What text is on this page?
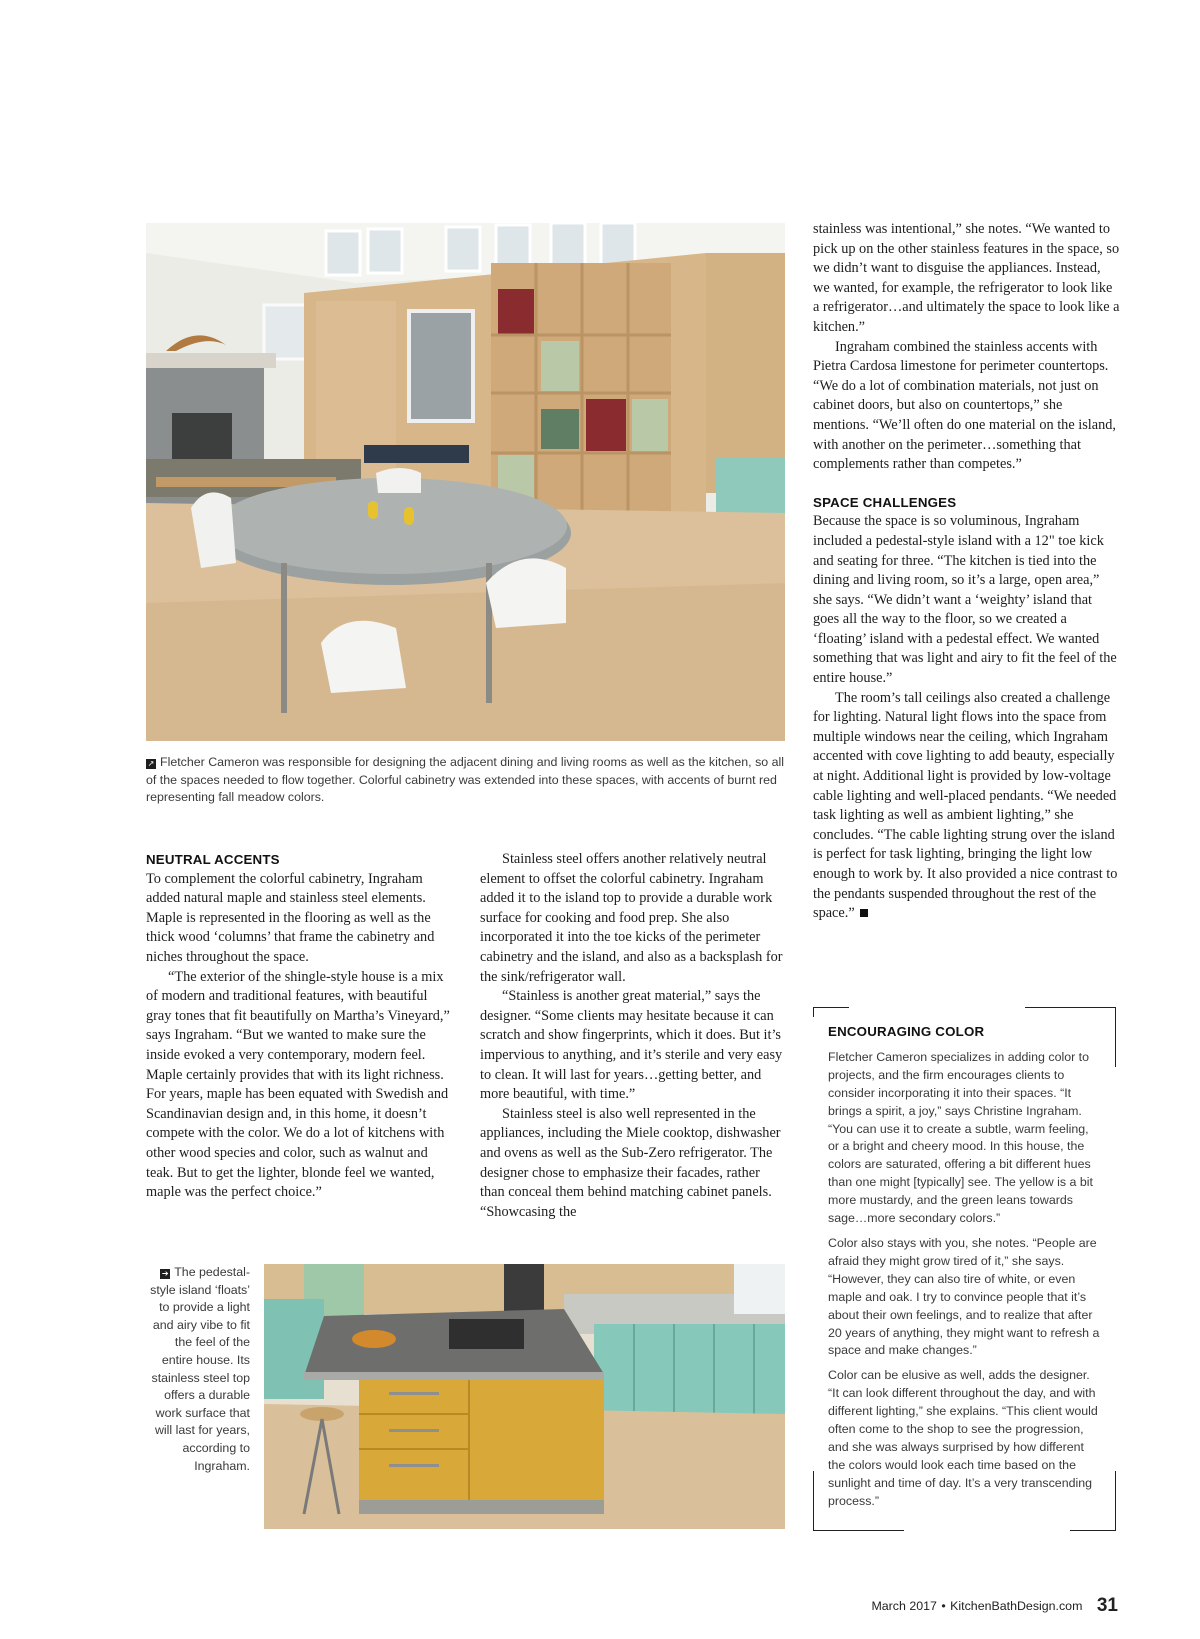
↗ Fletcher Cameron was responsible for designing the adjacent dining and living rooms as well as the kitchen, so all of the spaces needed to flow together. Colorful cabinetry was extended into these spaces, with accents of burnt red representing fall meadow colors.
NEUTRAL ACCENTS

To complement the colorful cabinetry, Ingraham added natural maple and stainless steel elements. Maple is represented in the flooring as well as the thick wood ‘columns’ that frame the cabinetry and niches throughout the space.

“The exterior of the shingle-style house is a mix of modern and traditional features, with beautiful gray tones that fit beautifully on Martha’s Vineyard,” says Ingraham. “But we wanted to make sure the inside evoked a very contemporary, modern feel. Maple certainly provides that with its light richness. For years, maple has been equated with Swedish and Scandinavian design and, in this home, it doesn’t compete with the color. We do a lot of kitchens with other wood species and color, such as walnut and teak. But to get the lighter, blonde feel we wanted, maple was the perfect choice.”

Stainless steel offers another relatively neutral element to offset the colorful cabinetry. Ingraham added it to the island top to provide a durable work surface for cooking and food prep. She also incorporated it into the toe kicks of the perimeter cabinetry and the island, and also as a backsplash for the sink/refrigerator wall.

“Stainless is another great material,” says the designer. “Some clients may hesitate because it can scratch and show fingerprints, which it does. But it’s impervious to anything, and it’s sterile and very easy to clean. It will last for years…getting better, and more beautiful, with time.”

Stainless steel is also well represented in the appliances, including the Miele cooktop, dishwasher and ovens as well as the Sub-Zero refrigerator. The designer chose to emphasize their facades, rather than conceal them behind matching cabinet panels. “Showcasing the

stainless was intentional,” she notes. “We wanted to pick up on the other stainless features in the space, so we didn’t want to disguise the appliances. Instead, we wanted, for example, the refrigerator to look like a refrigerator…and ultimately the space to look like a kitchen.”

Ingraham combined the stainless accents with Pietra Cardosa limestone for perimeter countertops. “We do a lot of combination materials, not just on cabinet doors, but also on countertops,” she mentions. “We’ll often do one material on the island, with another on the perimeter…something that complements rather than competes.”

SPACE CHALLENGES

Because the space is so voluminous, Ingraham included a pedestal-style island with a 12" toe kick and seating for three. “The kitchen is tied into the dining and living room, so it’s a large, open area,” she says. “We didn’t want a ‘weighty’ island that goes all the way to the floor, so we created a ‘floating’ island with a pedestal effect. We wanted something that was light and airy to fit the feel of the entire house.”

The room’s tall ceilings also created a challenge for lighting. Natural light flows into the space from multiple windows near the ceiling, which Ingraham accented with cove lighting to add beauty, especially at night. Additional light is provided by low-voltage cable lighting and well-placed pendants. “We needed task lighting as well as ambient lighting,” she concludes. “The cable lighting strung over the island is perfect for task lighting, bringing the light low enough to work by. It also provided a nice contrast to the pendants suspended throughout the rest of the space.”

ENCOURAGING COLOR

Fletcher Cameron specializes in adding color to projects, and the firm encourages clients to consider incorporating it into their spaces. “It brings a spirit, a joy,” says Christine Ingraham. “You can use it to create a subtle, warm feeling, or a bright and cheery mood. In this house, the colors are saturated, offering a bit different hues than one might [typically] see. The yellow is a bit more mustardy, and the green leans towards sage…more secondary colors.”

Color also stays with you, she notes. “People are afraid they might grow tired of it,” she says. “However, they can also tire of white, or even maple and oak. I try to convince people that it’s about their own feelings, and to realize that after 20 years of anything, they might want to refresh a space and make changes.”

Color can be elusive as well, adds the designer. “It can look different throughout the day, and with different lighting,” she explains. “This client would often come to the shop to see the progression, and she was always surprised by how different the colors would look each time based on the sunlight and time of day. It’s a very transcending process.”

➔ The pedestal-style island ‘floats’ to provide a light and airy vibe to fit the feel of the entire house. Its stainless steel top offers a durable work surface that will last for years, according to Ingraham.
March 2017 • KitchenBathDesign.com 31
